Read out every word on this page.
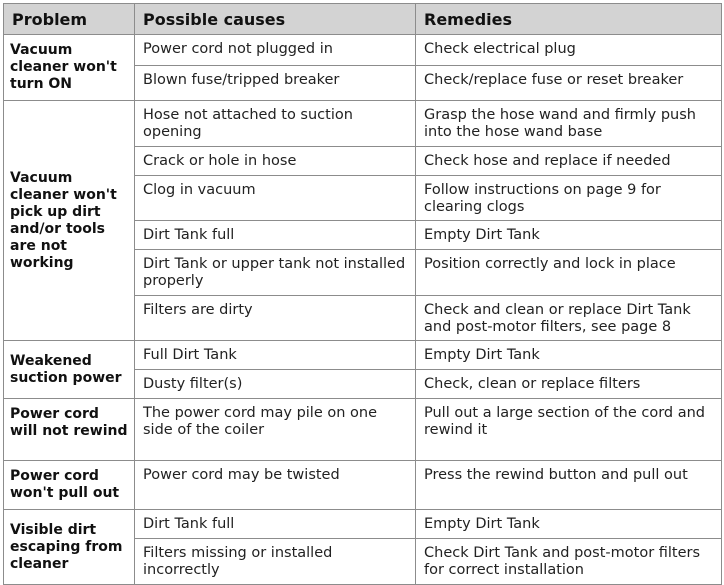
Problem	Possible causes	Remedies
Vacuum cleaner won't turn ON	Power cord not plugged in	Check electrical plug
	Blown fuse/tripped breaker	Check/replace fuse or reset breaker
Vacuum cleaner won't pick up dirt and/or tools are not working	Hose not attached to suction opening	Grasp the hose wand and firmly push into the hose wand base
	Crack or hole in hose	Check hose and replace if needed
	Clog in vacuum	Follow instructions on page 9 for clearing clogs
	Dirt Tank full	Empty Dirt Tank
	Dirt Tank or upper tank not installed properly	Position correctly and lock in place
	Filters are dirty	Check and clean or replace Dirt Tank and post-motor filters, see page 8
Weakened suction power	Full Dirt Tank	Empty Dirt Tank
	Dusty filter(s)	Check, clean or replace filters
Power cord will not rewind	The power cord may pile on one side of the coiler	Pull out a large section of the cord and rewind it
Power cord won't pull out	Power cord may be twisted	Press the rewind button and pull out
Visible dirt escaping from cleaner	Dirt Tank full	Empty Dirt Tank
	Filters missing or installed incorrectly	Check Dirt Tank and post-motor filters for correct installation
